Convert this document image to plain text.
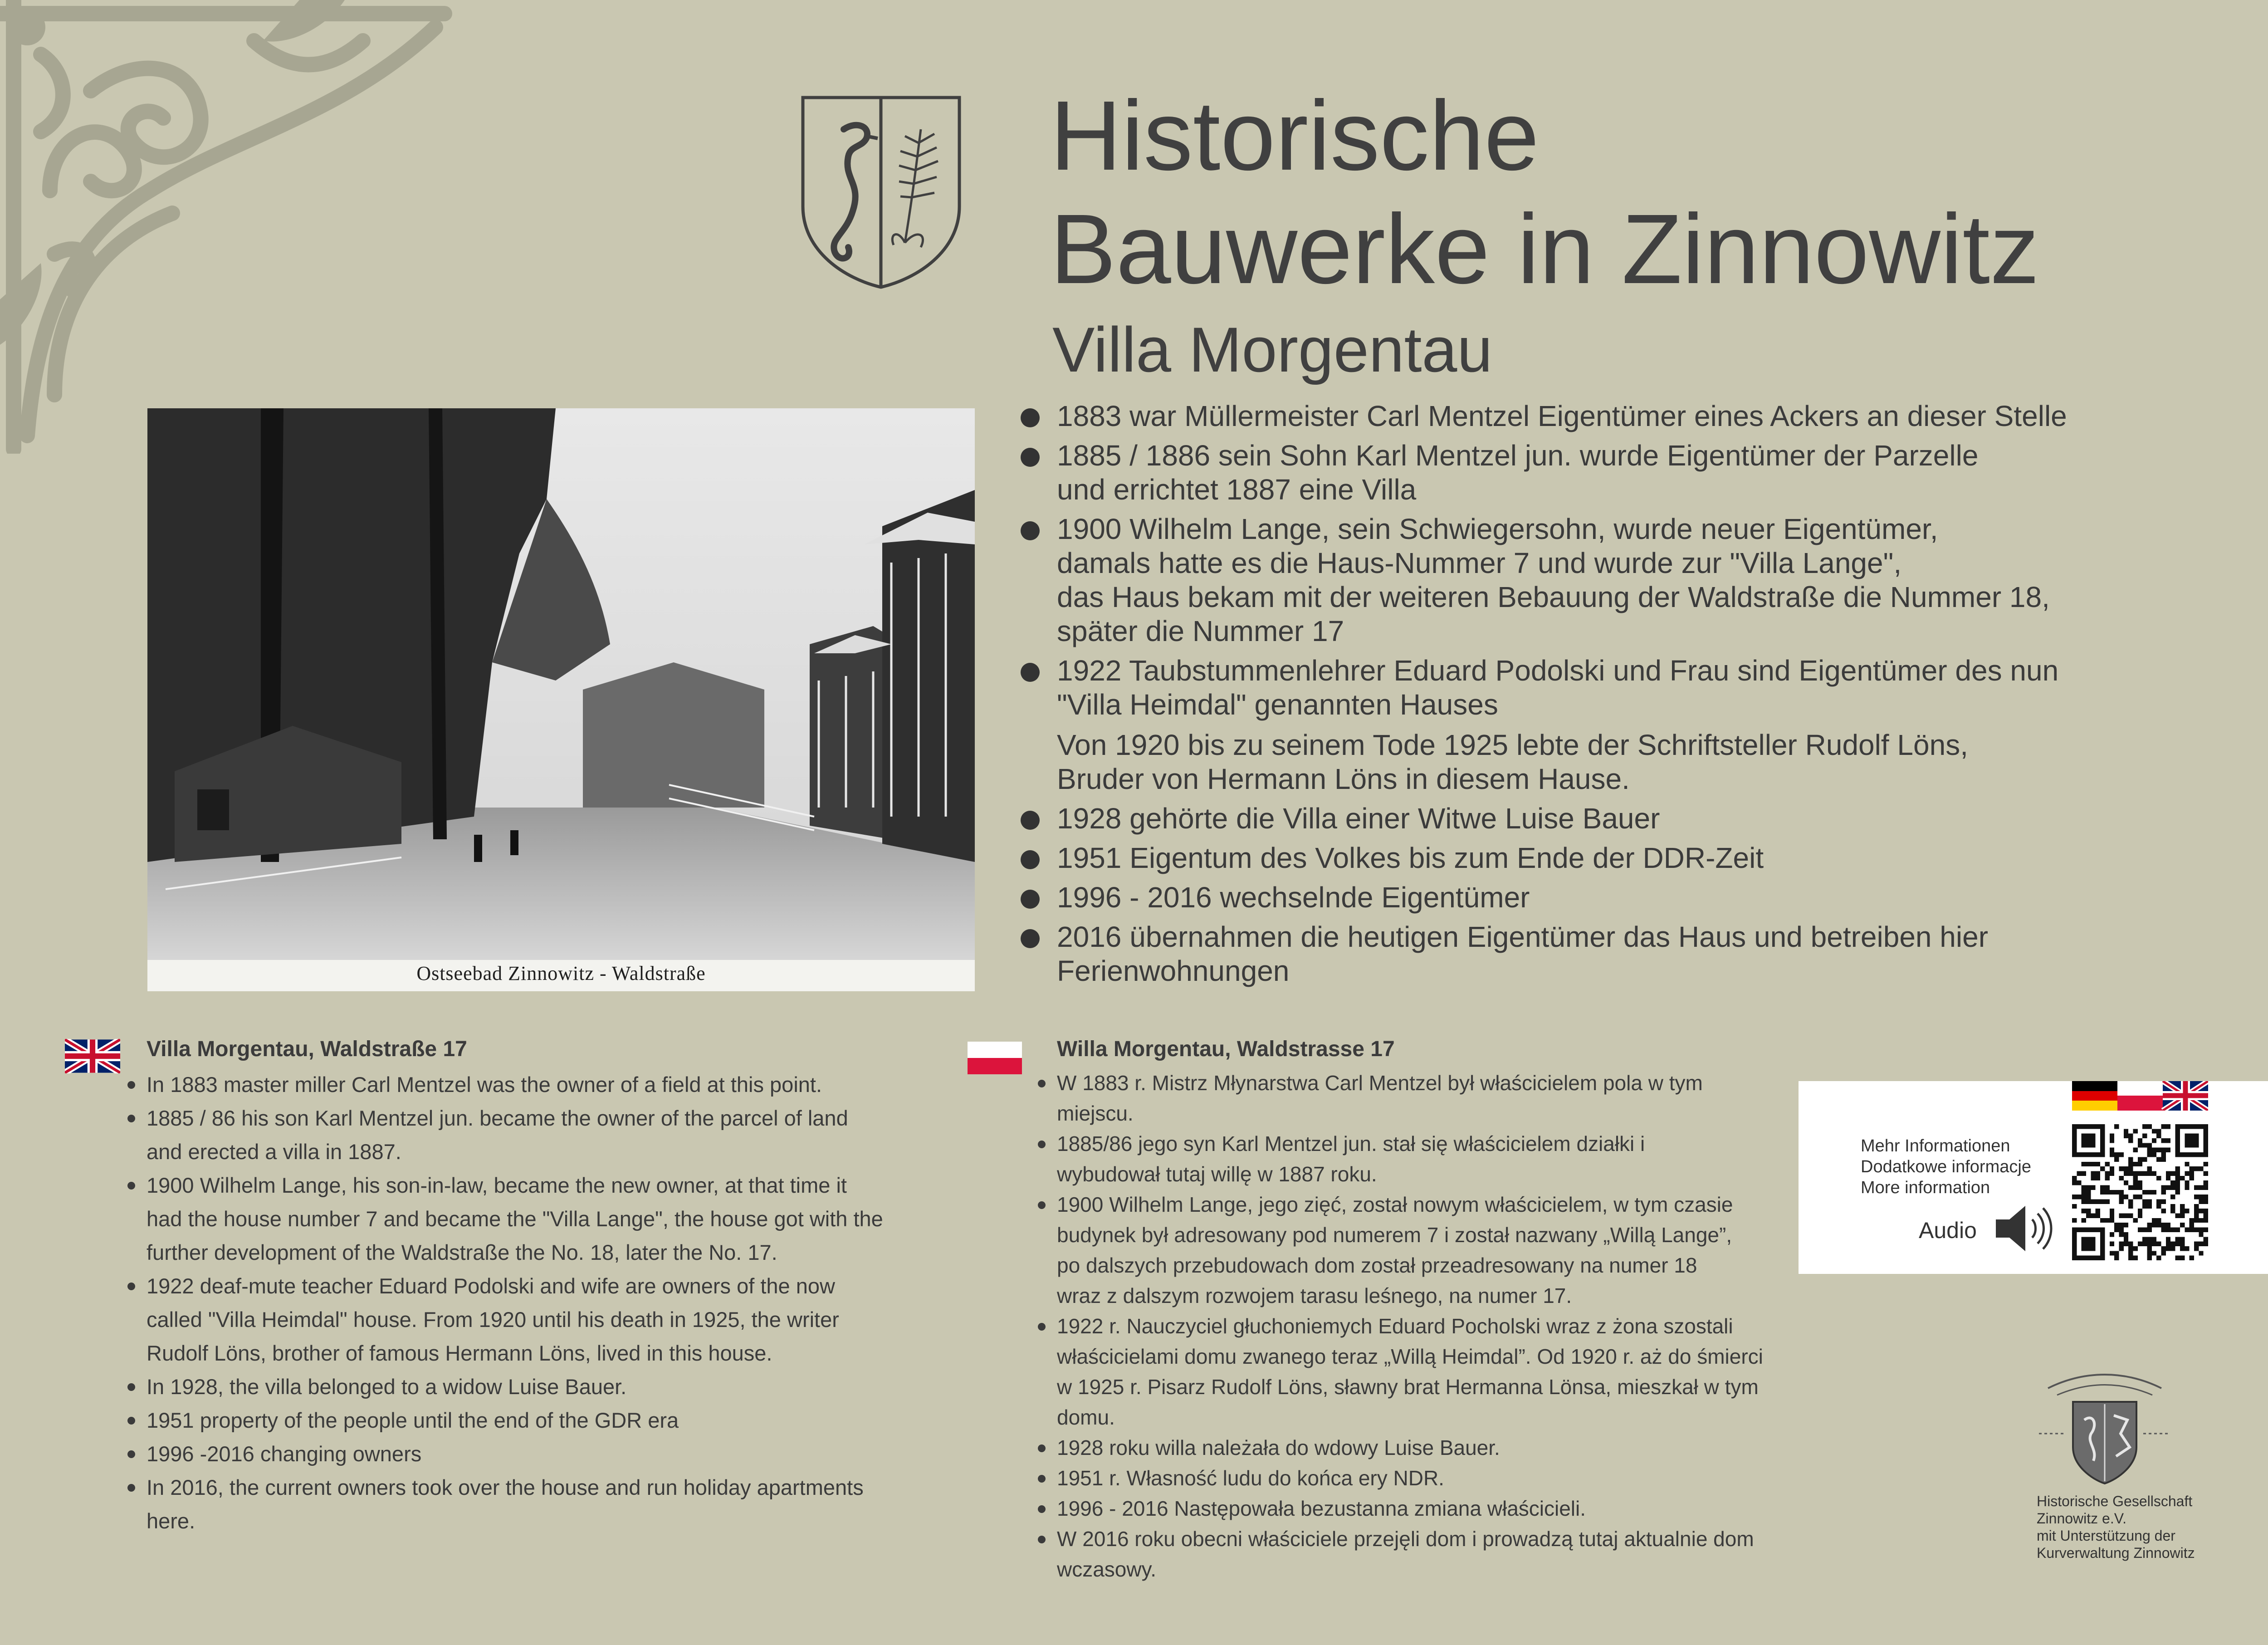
Historische
Bauwerke in Zinnowitz
Villa Morgentau
Ostseebad Zinnowitz - Waldstraße
1883 war Müllermeister Carl Mentzel Eigentümer eines Ackers an dieser Stelle

1885 / 1886 sein Sohn Karl Mentzel jun. wurde Eigentümer der Parzelle
und errichtet 1887 eine Villa

1900 Wilhelm Lange, sein Schwiegersohn, wurde neuer Eigentümer,
damals hatte es die Haus-Nummer 7 und wurde zur "Villa Lange",
das Haus bekam mit der weiteren Bebauung der Waldstraße die Nummer 18,
später die Nummer 17

1922 Taubstummenlehrer Eduard Podolski und Frau sind Eigentümer des nun
"Villa Heimdal" genannten Hauses

Von 1920 bis zu seinem Tode 1925 lebte der Schriftsteller Rudolf Löns,
Bruder von Hermann Löns in diesem Hause.
1928 gehörte die Villa einer Witwe Luise Bauer

1951 Eigentum des Volkes bis zum Ende der DDR-Zeit

1996 - 2016 wechselnde Eigentümer

2016 übernahmen die heutigen Eigentümer das Haus und betreiben hier
Ferienwohnungen

Villa Morgentau, Waldstraße 17
In 1883 master miller Carl Mentzel was the owner of a field at this point.

1885 / 86 his son Karl Mentzel jun. became the owner of the parcel of land
and erected a villa in 1887.

1900 Wilhelm Lange, his son-in-law, became the new owner, at that time it
had the house number 7 and became the "Villa Lange", the house got with the
further development of the Waldstraße the No. 18, later the No. 17.

1922 deaf-mute teacher Eduard Podolski and wife are owners of the now
called "Villa Heimdal" house. From 1920 until his death in 1925, the writer
Rudolf Löns, brother of famous Hermann Löns, lived in this house.

In 1928, the villa belonged to a widow Luise Bauer.

1951 property of the people until the end of the GDR era

1996 -2016 changing owners

In 2016, the current owners took over the house and run holiday apartments
here.

Willa Morgentau, Waldstrasse 17
W 1883 r. Mistrz Młynarstwa Carl Mentzel był właścicielem pola w tym
miejscu.

1885/86 jego syn Karl Mentzel jun. stał się właścicielem działki i
wybudował tutaj willę w 1887 roku.

1900 Wilhelm Lange, jego zięć, został nowym właścicielem, w tym czasie
budynek był adresowany pod numerem 7 i został nazwany „Willą Lange”,
po dalszych przebudowach dom został przeadresowany na numer 18
wraz z dalszym rozwojem tarasu leśnego, na numer 17.

1922 r. Nauczyciel głuchoniemych Eduard Pocholski wraz z żona szostali
właścicielami domu zwanego teraz „Willą Heimdal”. Od 1920 r. aż do śmierci
w 1925 r. Pisarz Rudolf Löns, sławny brat Hermanna Lönsa, mieszkał w tym
domu.

1928 roku willa należała do wdowy Luise Bauer.

1951 r. Własność ludu do końca ery NDR.

1996 - 2016 Następowała bezustanna zmiana właścicieli.

W 2016 roku obecni właściciele przejęli dom i prowadzą tutaj aktualnie dom
wczasowy.

Mehr Informationen
Dodatkowe informacje
More information
Audio
Historische Gesellschaft
Zinnowitz e.V.
mit Unterstützung der
Kurverwaltung Zinnowitz
